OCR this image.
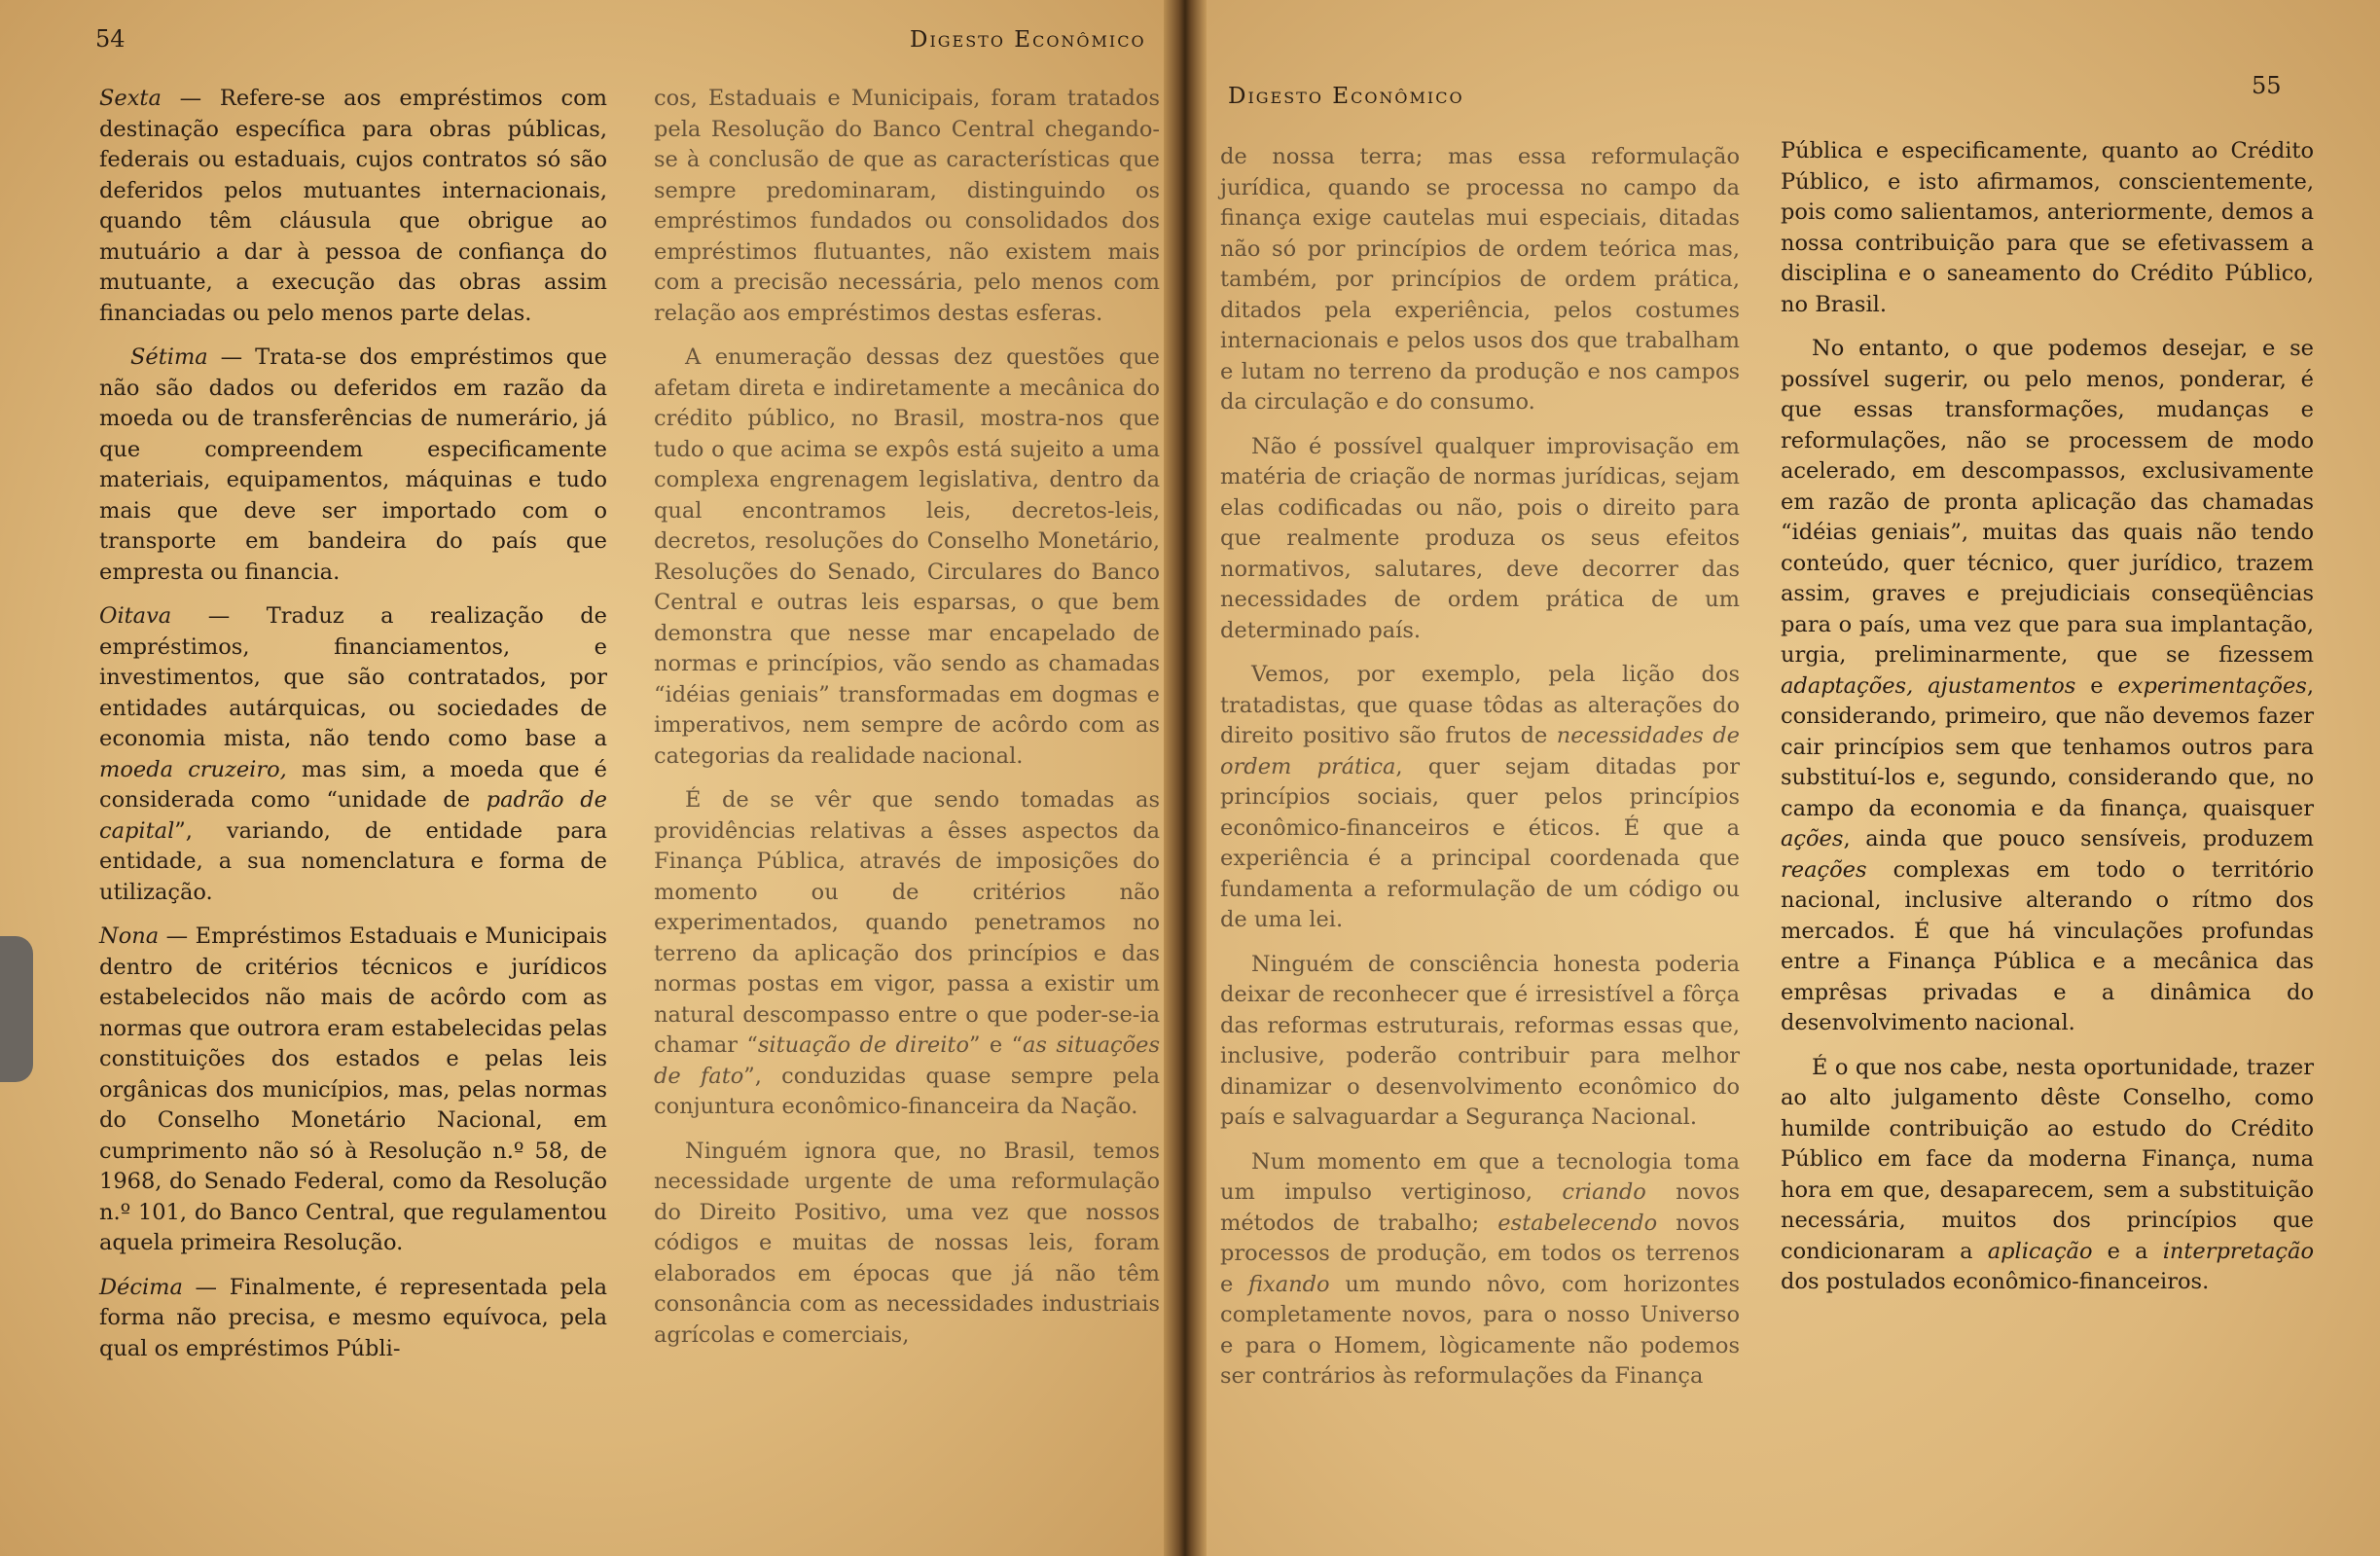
54	Digesto Econômico

Sexta — Refere-se aos empréstimos com destinação específica para obras públicas, federais ou estaduais, cujos contratos só são deferidos pelos mutuantes internacionais, quando têm cláusula que obrigue ao mutuário a dar à pessoa de confiança do mutuante, a execução das obras assim financiadas ou pelo menos parte delas.

Sétima — Trata-se dos empréstimos que não são dados ou deferidos em razão da moeda ou de transferências de numerário, já que compreendem especificamente materiais, equipamentos, máquinas e tudo mais que deve ser importado com o transporte em bandeira do país que empresta ou financia.

Oitava — Traduz a realização de empréstimos, financiamentos, e investimentos, que são contratados, por entidades autárquicas, ou sociedades de economia mista, não tendo como base a moeda cruzeiro, mas sim, a moeda que é considerada como “unidade de padrão de capital”, variando, de entidade para entidade, a sua nomenclatura e forma de utilização.

Nona — Empréstimos Estaduais e Municipais dentro de critérios técnicos e jurídicos estabelecidos não mais de acôrdo com as normas que outrora eram estabelecidas pelas constituições dos estados e pelas leis orgânicas dos municípios, mas, pelas normas do Conselho Monetário Nacional, em cumprimento não só à Resolução n.º 58, de 1968, do Senado Federal, como da Resolução n.º 101, do Banco Central, que regulamentou aquela primeira Resolução.

Décima — Finalmente, é representada pela forma não precisa, e mesmo equívoca, pela qual os empréstimos Públi-

cos, Estaduais e Municipais, foram tratados pela Resolução do Banco Central chegando-se à conclusão de que as características que sempre predominaram, distinguindo os empréstimos fundados ou consolidados dos empréstimos flutuantes, não existem mais com a precisão necessária, pelo menos com relação aos empréstimos destas esferas.

A enumeração dessas dez questões que afetam direta e indiretamente a mecânica do crédito público, no Brasil, mostra-nos que tudo o que acima se expôs está sujeito a uma complexa engrenagem legislativa, dentro da qual encontramos leis, decretos-leis, decretos, resoluções do Conselho Monetário, Resoluções do Senado, Circulares do Banco Central e outras leis esparsas, o que bem demonstra que nesse mar encapelado de normas e princípios, vão sendo as chamadas “idéias geniais” transformadas em dogmas e imperativos, nem sempre de acôrdo com as categorias da realidade nacional.

É de se vêr que sendo tomadas as providências relativas a êsses aspectos da Finança Pública, através de imposições do momento ou de critérios não experimentados, quando penetramos no terreno da aplicação dos princípios e das normas postas em vigor, passa a existir um natural descompasso entre o que poder-se-ia chamar “situação de direito” e “as situações de fato”, conduzidas quase sempre pela conjuntura econômico-financeira da Nação.

Ninguém ignora que, no Brasil, temos necessidade urgente de uma reformulação do Direito Positivo, uma vez que nossos códigos e muitas de nossas leis, foram elaborados em épocas que já não têm consonância com as necessidades industriais agrícolas e comerciais,

Digesto Econômico	55

de nossa terra; mas essa reformulação jurídica, quando se processa no campo da finança exige cautelas mui especiais, ditadas não só por princípios de ordem teórica mas, também, por princípios de ordem prática, ditados pela experiência, pelos costumes internacionais e pelos usos dos que trabalham e lutam no terreno da produção e nos campos da circulação e do consumo.

Não é possível qualquer improvisação em matéria de criação de normas jurídicas, sejam elas codificadas ou não, pois o direito para que realmente produza os seus efeitos normativos, salutares, deve decorrer das necessidades de ordem prática de um determinado país.

Vemos, por exemplo, pela lição dos tratadistas, que quase tôdas as alterações do direito positivo são frutos de necessidades de ordem prática, quer sejam ditadas por princípios sociais, quer pelos princípios econômico-financeiros e éticos. É que a experiência é a principal coordenada que fundamenta a reformulação de um código ou de uma lei.

Ninguém de consciência honesta poderia deixar de reconhecer que é irresistível a fôrça das reformas estruturais, reformas essas que, inclusive, poderão contribuir para melhor dinamizar o desenvolvimento econômico do país e salvaguardar a Segurança Nacional.

Num momento em que a tecnologia toma um impulso vertiginoso, criando novos métodos de trabalho; estabelecendo novos processos de produção, em todos os terrenos e fixando um mundo nôvo, com horizontes completamente novos, para o nosso Universo e para o Homem, lògicamente não podemos ser contrários às reformulações da Finança

Pública e especificamente, quanto ao Crédito Público, e isto afirmamos, conscientemente, pois como salientamos, anteriormente, demos a nossa contribuição para que se efetivassem a disciplina e o saneamento do Crédito Público, no Brasil.

No entanto, o que podemos desejar, e se possível sugerir, ou pelo menos, ponderar, é que essas transformações, mudanças e reformulações, não se processem de modo acelerado, em descompassos, exclusivamente em razão de pronta aplicação das chamadas “idéias geniais”, muitas das quais não tendo conteúdo, quer técnico, quer jurídico, trazem assim, graves e prejudiciais conseqüências para o país, uma vez que para sua implantação, urgia, preliminarmente, que se fizessem adaptações, ajustamentos e experimentações, considerando, primeiro, que não devemos fazer cair princípios sem que tenhamos outros para substituí-los e, segundo, considerando que, no campo da economia e da finança, quaisquer ações, ainda que pouco sensíveis, produzem reações complexas em todo o território nacional, inclusive alterando o rítmo dos mercados. É que há vinculações profundas entre a Finança Pública e a mecânica das emprêsas privadas e a dinâmica do desenvolvimento nacional.

É o que nos cabe, nesta oportunidade, trazer ao alto julgamento dêste Conselho, como humilde contribuição ao estudo do Crédito Público em face da moderna Finança, numa hora em que, desaparecem, sem a substituição necessária, muitos dos princípios que condicionaram a aplicação e a interpretação dos postulados econômico-financeiros.
